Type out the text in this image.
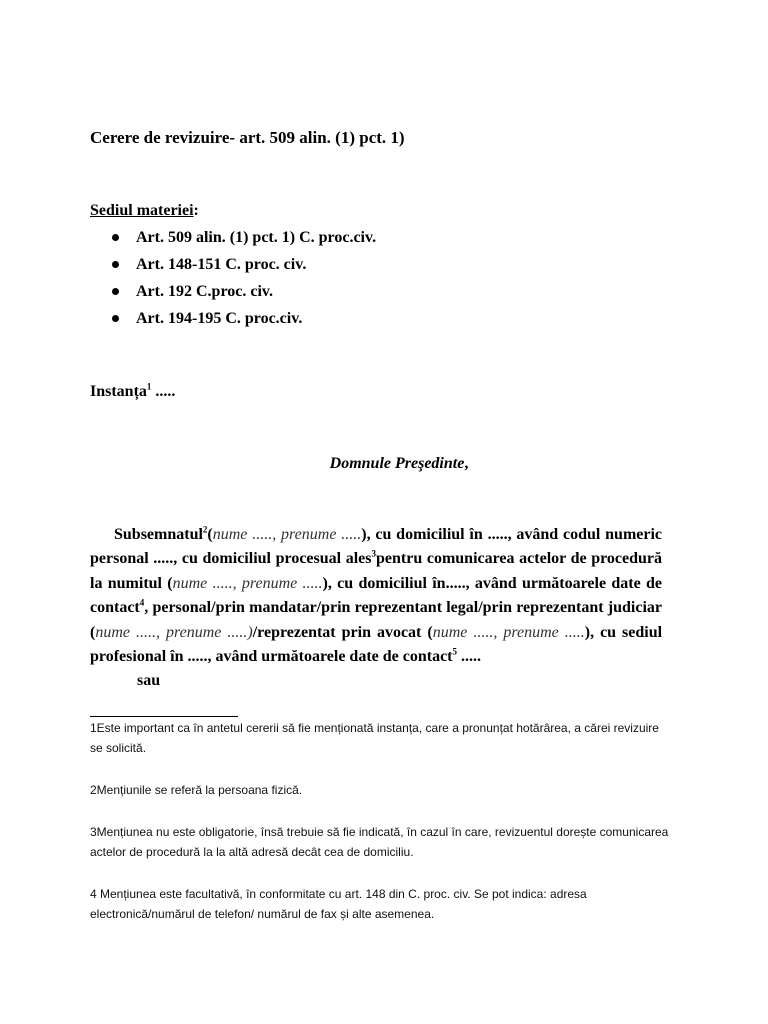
Cerere de revizuire- art. 509 alin. (1) pct. 1)
Sediul materiei:
Art. 509 alin. (1) pct. 1) C. proc.civ.
Art. 148-151 C. proc. civ.
Art. 192 C.proc. civ.
Art. 194-195 C. proc.civ.
Instanța$^1$ .....
Domnule Preşedinte,
Subsemnatul$^2$(nume ....., prenume .....), cu domiciliul în ....., având codul numeric personal ....., cu domiciliul procesual ales$^3$pentru comunicarea actelor de procedură la numitul (nume ....., prenume .....), cu domiciliul în....., având următoarele date de contact$^4$, personal/prin mandatar/prin reprezentant legal/prin reprezentant judiciar (nume ....., prenume .....)/reprezentat prin avocat (nume ....., prenume .....), cu sediul profesional în ....., având următoarele date de contact$^5$ .....
sau
1Este important ca în antetul cererii să fie menționată instanța, care a pronunțat hotărârea, a cărei revizuire se solicită.
2Mențiunile se referă la persoana fizică.
3Mențiunea nu este obligatorie, însă trebuie să fie indicată, în cazul în care, revizuentul dorește comunicarea actelor de procedură la la altă adresă decât cea de domiciliu.
4 Mențiunea este facultativă, în conformitate cu art. 148 din C. proc. civ. Se pot indica: adresa electronică/numărul de telefon/ numărul de fax și alte asemenea.
